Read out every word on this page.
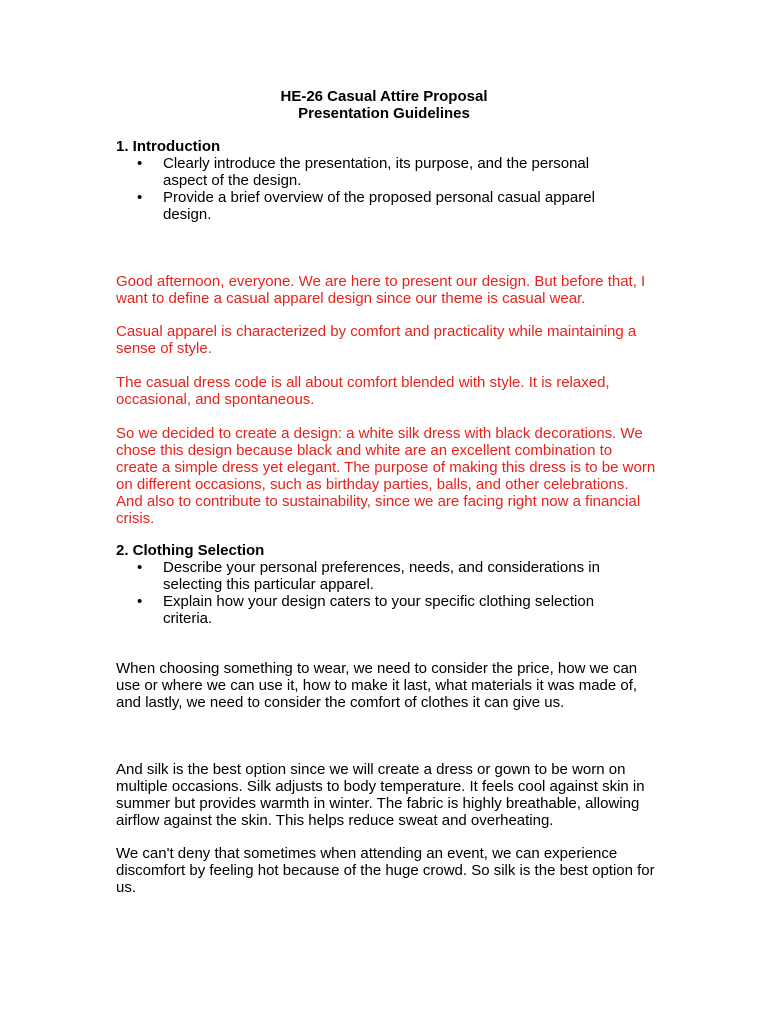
HE-26 Casual Attire Proposal
Presentation Guidelines
1. Introduction
•	Clearly introduce the presentation, its purpose, and the personal aspect of the design.
•	Provide a brief overview of the proposed personal casual apparel design.

Good afternoon, everyone. We are here to present our design. But before that, I want to define a casual apparel design since our theme is casual wear.

Casual apparel is characterized by comfort and practicality while maintaining a sense of style.

The casual dress code is all about comfort blended with style. It is relaxed, occasional, and spontaneous.

So we decided to create a design: a white silk dress with black decorations. We chose this design because black and white are an excellent combination to create a simple dress yet elegant. The purpose of making this dress is to be worn on different occasions, such as birthday parties, balls, and other celebrations. And also to contribute to sustainability, since we are facing right now a financial crisis.

2. Clothing Selection
•	Describe your personal preferences, needs, and considerations in selecting this particular apparel.
•	Explain how your design caters to your specific clothing selection criteria.

When choosing something to wear, we need to consider the price, how we can use or where we can use it, how to make it last, what materials it was made of, and lastly, we need to consider the comfort of clothes it can give us.

And silk is the best option since we will create a dress or gown to be worn on multiple occasions. Silk adjusts to body temperature. It feels cool against skin in summer but provides warmth in winter. The fabric is highly breathable, allowing airflow against the skin. This helps reduce sweat and overheating.

We can't deny that sometimes when attending an event, we can experience discomfort by feeling hot because of the huge crowd. So silk is the best option for us.
